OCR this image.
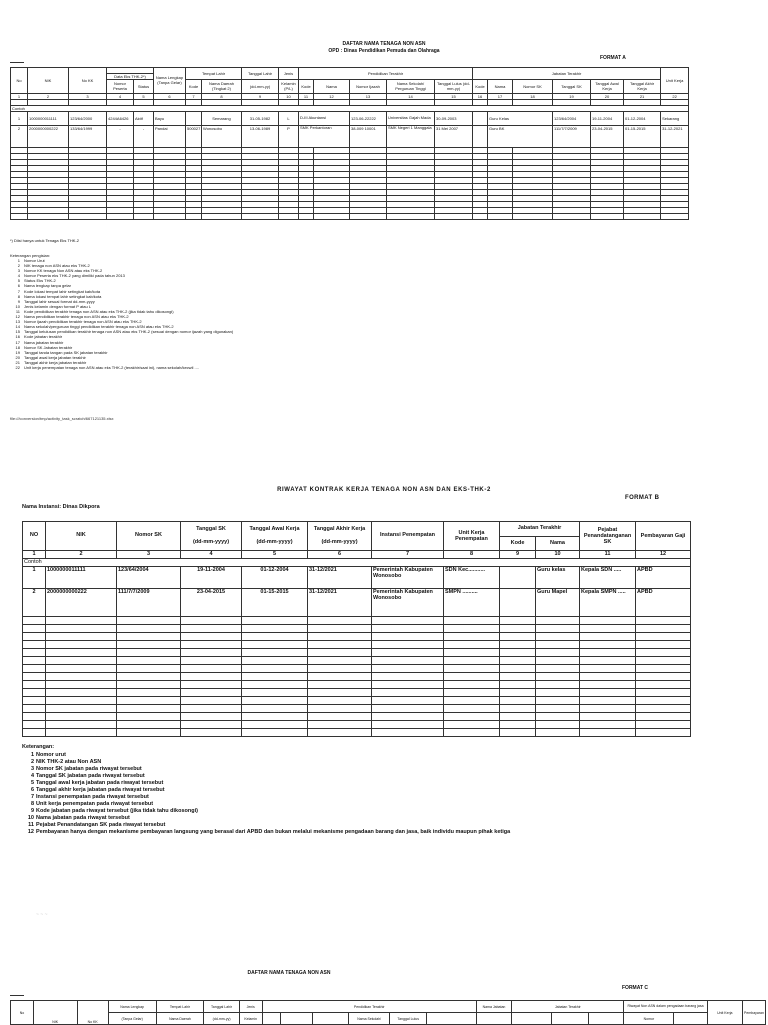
DAFTAR NAMA TENAGA NON ASN
OPD : Dinas Pendidikan Pemuda dan Olahraga
FORMAT A
No	NIK	No KK			Nama Lengkap (Tanpa Gelar)	Tempat Lahir		Tanggal Lahir	Jenis	Pendidikan Terakhir					Jabatan Terakhir						Unit Kerja	
			Data Eks THK-2*)																			
			Nomor Peserta	Status		Kode	Nama Daerah (Tingkat 2)	(dd-mm-yy)	Kelamin (P/L)	Kode	Nama	Nomor Ijazah	Nama Sekolah/ Perguruan Tinggi	Tanggal Lulus (dd-mm-yy)	Kode	Nama	Nomor SK	Tanggal SK	Tanggal Awal Kerja	Tanggal Akhir Kerja		
1	2	3	4	5	6	7	8	9	10	11	12	13	14	15	16	17	18	19	20	21	22	

Contoh																						
1	1000000011111	123/64/2000	4244A6426	Aktif	Bayu		Semarang	31-05-1982	L	D-III Akuntansi		123-06-22222	Universitas Gajah Mada	30-09-2003		Guru Kelas		123/64/2004	19-11-2004	01-12-2004	Sekarang	
2	2000000000222	133/64/1999	-	-	Pandai	500027	Wonosobo	13-06-1989	P	SMK Perkantoran		38-009 10001	SMK Negeri 1 Manggala	31 Mei 2007		Guru BK		111/7/7/2009	23-04-2015	01-15-2015	31-12-2021	

*) Diisi hanya untuk Tenaga Eks THK-2
Keterangan pengisian:
1 Nomor Urut
2 NIK tenaga non ASN atau eks THK-2
3 Nomor KK tenaga Non ASN atau eks THK-2
4 Nomor Peserta eks THK-2 yang dimiliki pada tahun 2013
5 Status Eks THK-2
6 Nama lengkap tanpa gelar
7 Kode lokasi tempat lahir setingkat kab/kota
8 Nama lokasi tempat lahir setingkat kab/kota
9 Tanggal lahir sesuai format dd-mm-yyyy
10 Jenis kelamin dengan format P atau L
11 Kode pendidikan terakhir tenaga non ASN atau eks THK-2 (jika tidak tahu dikosongi)
12 Nama pendidikan terakhir tenaga non ASN atau eks THK-2
13 Nomor ijazah pendidikan terakhir tenaga non ASN atau eks THK-2
14 Nama sekolah/perguruan tinggi pendidikan terakhir tenaga non ASN atau eks THK-2
15 Tanggal kelulusan pendidikan terakhir tenaga non ASN atau eks THK-2 (sesuai dengan nomor ijazah yang digunakan)
16 Kode jabatan terakhir
17 Nama jabatan terakhir
18 Nomor SK Jabatan terakhir
19 Tanggal tanda tangan pada SK jabatan terakhir
20 Tanggal awal kerja jabatan terakhir
21 Tanggal akhir kerja jabatan terakhir
22 Unit kerja penempatan tenaga non ASN atau eks THK-2 (terakhir/saat ini), nama sekolah/kecwil ....
file:///conversion/tmp/activity_task_scratch/667121135.xlsx
RIWAYAT KONTRAK KERJA TENAGA NON ASN DAN EKS-THK-2
FORMAT B
Nama Instansi: Dinas Dikpora
NO	NIK	Nomor SK	Tanggal SK	Tanggal Awal Kerja	Tanggal Akhir Kerja	Instansi Penempatan	Unit Kerja Penempatan	Jabatan Terakhir		Pejabat Penandatanganan SK	Pembayaran Gaji
			(dd-mm-yyyy)	(dd-mm-yyyy)	(dd-mm-yyyy)			Kode	Nama		
1	2	3	4	5	6	7	8	9	10	11	12
Contoh											
1	1000000011111	123/64/2004	19-11-2004	01-12-2004	31-12/2021	Pemerintah Kabupaten Wonosobo	SDN Kec...........		Guru kelas	Kepala SDN .....	APBD
2	2000000000222	111/7/7/2009	23-04-2015	01-15-2015	31-12/2021	Pemerintah Kabupaten Wonosobo	SMPN ..........		Guru Mapel	Kepala SMPN .....	APBD

Keterangan:
1 Nomor urut
2 NIK THK-2 atau Non ASN
3 Nomor SK jabatan pada riwayat tersebut
4 Tanggal SK jabatan pada riwayat tersebut
5 Tanggal awal kerja jabatan pada riwayat tersebut
6 Tanggal akhir kerja jabatan pada riwayat tersebut
7 Instansi penempatan pada riwayat tersebut
8 Unit kerja penempatan pada riwayat tersebut
9 Kode jabatan pada riwayat tersebut (jika tidak tahu dikosongi)
10 Nama jabatan pada riwayat tersebut
11 Pejabat Penandatangan SK pada riwayat tersebut
12 Pembayaran hanya dengan mekanisme pembayaran langsung yang berasal dari APBD dan bukan melalui mekanisme pengadaan barang dan jasa, baik individu maupun pihak ketiga
~ ~ ~
DAFTAR NAMA TENAGA NON ASN
FORMAT C
No	NIK	No KK	Nama Lengkap	Tempat Lahir	Tanggal Lahir	Jenis	Pendidikan Terakhir						Nama Jabatan	Jabatan Terakhir			Riwayat Non ASN dalam pengadaan barang jasa		Unit Kerja	Pembayaran
			(Tanpa Gelar)	Nama Daerah	(dd-mm-yy)	Kelamin				Nama Sekolah/	Tanggal Lulus						Nomor			
